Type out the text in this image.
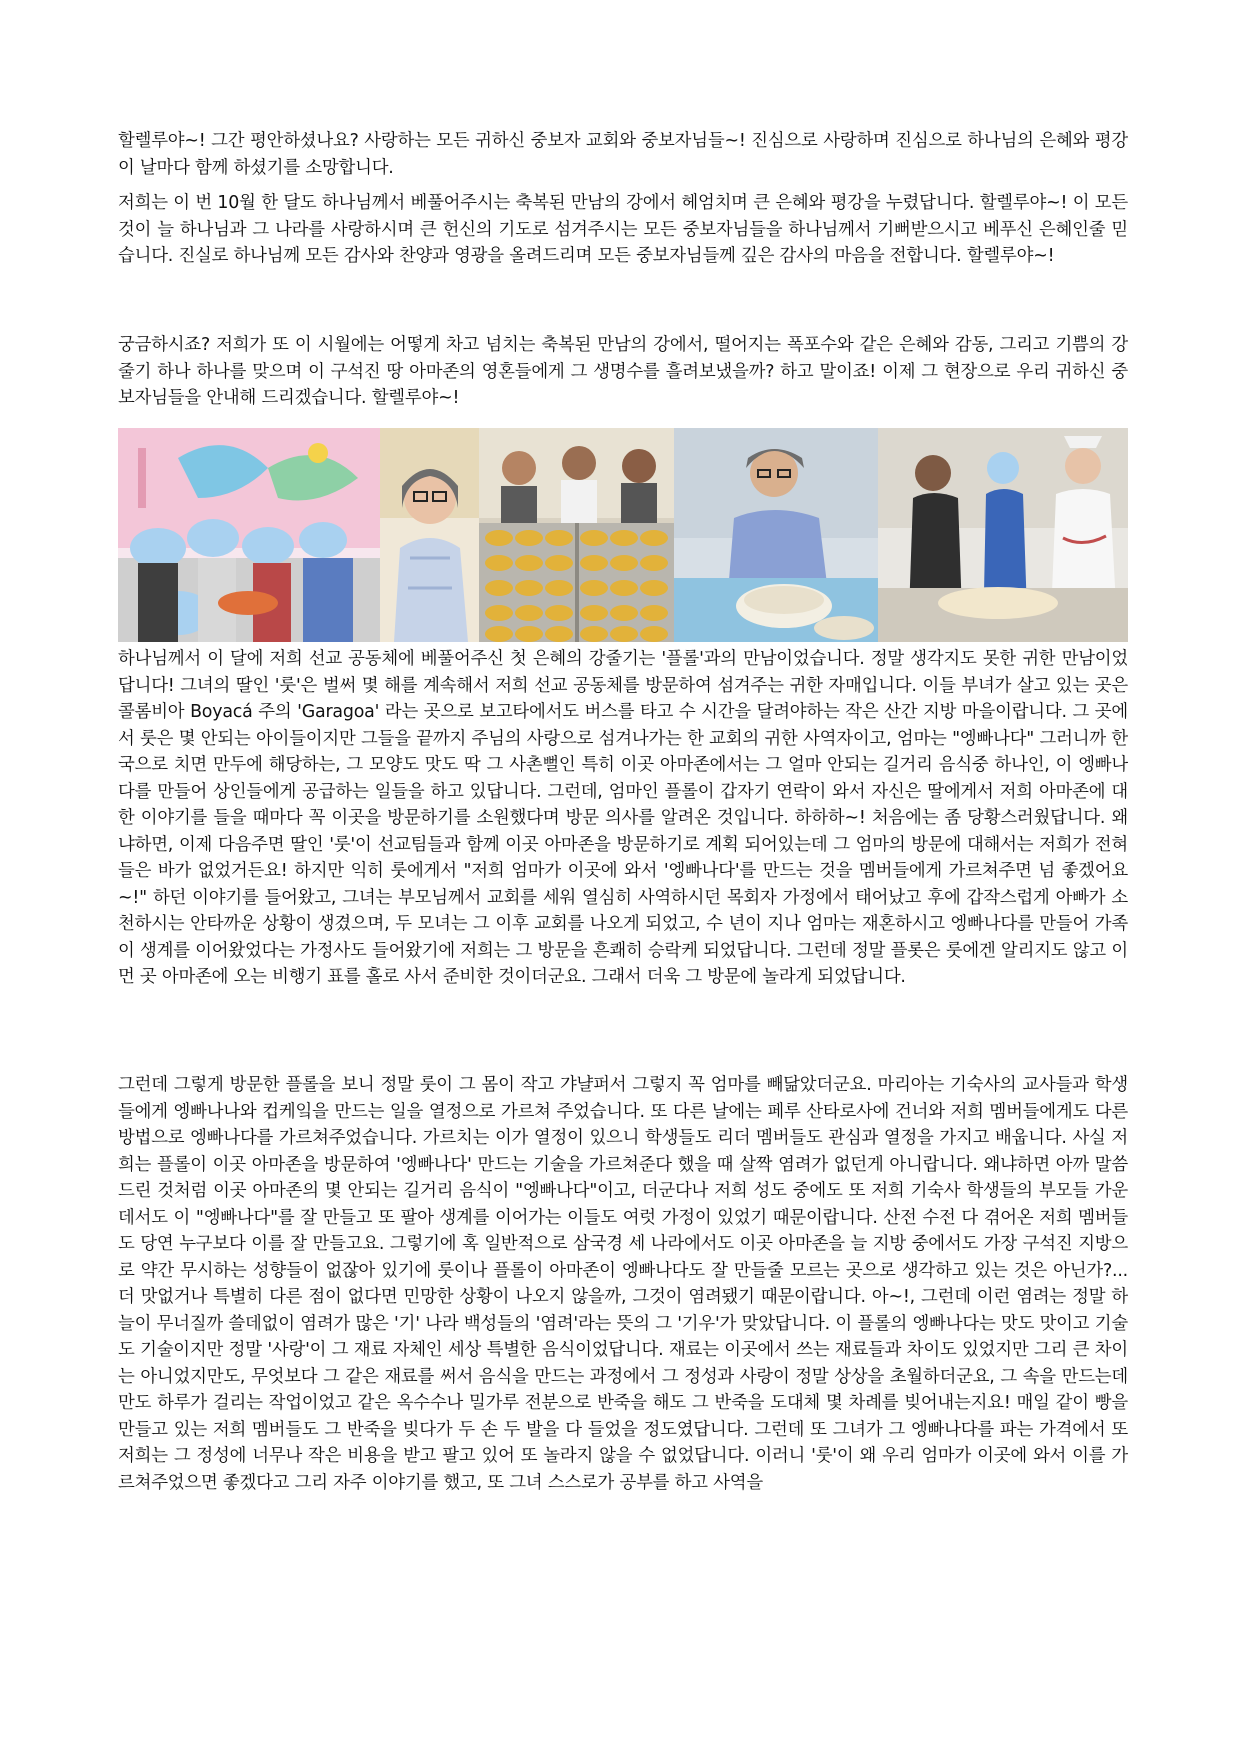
할렐루야~! 그간 평안하셨나요? 사랑하는 모든 귀하신 중보자 교회와 중보자님들~! 진심으로 사랑하며 진심으로 하나님의 은혜와 평강이 날마다 함께 하셨기를 소망합니다.

저희는 이 번 10월 한 달도 하나님께서 베풀어주시는 축복된 만남의 강에서 헤엄치며 큰 은혜와 평강을 누렸답니다. 할렐루야~! 이 모든 것이 늘 하나님과 그 나라를 사랑하시며 큰 헌신의 기도로 섬겨주시는 모든 중보자님들을 하나님께서 기뻐받으시고 베푸신 은혜인줄 믿습니다. 진실로 하나님께 모든 감사와 찬양과 영광을 올려드리며 모든 중보자님들께 깊은 감사의 마음을 전합니다. 할렐루야~!

궁금하시죠? 저희가 또 이 시월에는 어떻게 차고 넘치는 축복된 만남의 강에서, 떨어지는 폭포수와 같은 은혜와 감동, 그리고 기쁨의 강 줄기 하나 하나를 맞으며 이 구석진 땅 아마존의 영혼들에게 그 생명수를 흘려보냈을까? 하고 말이죠! 이제 그 현장으로 우리 귀하신 중보자님들을 안내해 드리겠습니다. 할렐루야~!

하나님께서 이 달에 저희 선교 공동체에 베풀어주신 첫 은혜의 강줄기는 '플롤'과의 만남이었습니다. 정말 생각지도 못한 귀한 만남이었답니다! 그녀의 딸인 '룻'은 벌써 몇 해를 계속해서 저희 선교 공동체를 방문하여 섬겨주는 귀한 자매입니다. 이들 부녀가 살고 있는 곳은 콜롬비아 Boyacá 주의 'Garagoa' 라는 곳으로 보고타에서도 버스를 타고 수 시간을 달려야하는 작은 산간 지방 마을이랍니다. 그 곳에서 룻은 몇 안되는 아이들이지만 그들을 끝까지 주님의 사랑으로 섬겨나가는 한 교회의 귀한 사역자이고, 엄마는 "엥빠나다" 그러니까 한국으로 치면 만두에 해당하는, 그 모양도 맛도 딱 그 사촌뻘인 특히 이곳 아마존에서는 그 얼마 안되는 길거리 음식중 하나인, 이 엥빠나다를 만들어 상인들에게 공급하는 일들을 하고 있답니다. 그런데, 엄마인 플롤이 갑자기 연락이 와서 자신은 딸에게서 저희 아마존에 대한 이야기를 들을 때마다 꼭 이곳을 방문하기를 소원했다며 방문 의사를 알려온 것입니다. 하하하~! 처음에는 좀 당황스러웠답니다. 왜냐하면, 이제 다음주면 딸인 '룻'이 선교팀들과 함께 이곳 아마존을 방문하기로 계획 되어있는데 그 엄마의 방문에 대해서는 저희가 전혀 들은 바가 없었거든요! 하지만 익히 룻에게서 "저희 엄마가 이곳에 와서 '엥빠나다'를 만드는 것을 멤버들에게 가르쳐주면 넘 좋겠어요~!" 하던 이야기를 들어왔고, 그녀는 부모님께서 교회를 세워 열심히 사역하시던 목회자 가정에서 태어났고 후에 갑작스럽게 아빠가 소천하시는 안타까운 상황이 생겼으며, 두 모녀는 그 이후 교회를 나오게 되었고, 수 년이 지나 엄마는 재혼하시고 엥빠나다를 만들어 가족이 생계를 이어왔었다는 가정사도 들어왔기에 저희는 그 방문을 흔쾌히 승락케 되었답니다. 그런데 정말 플롯은 룻에겐 알리지도 않고 이 먼 곳 아마존에 오는 비행기 표를 홀로 사서 준비한 것이더군요. 그래서 더욱 그 방문에 놀라게 되었답니다.

그런데 그렇게 방문한 플롤을 보니 정말 룻이 그 몸이 작고 갸냘퍼서 그렇지 꼭 엄마를 빼닮았더군요. 마리아는 기숙사의 교사들과 학생들에게 엥빠나나와 컵케잌을 만드는 일을 열정으로 가르쳐 주었습니다. 또 다른 날에는 페루 산타로사에 건너와 저희 멤버들에게도 다른 방법으로 엥빠나다를 가르쳐주었습니다. 가르치는 이가 열정이 있으니 학생들도 리더 멤버들도 관심과 열정을 가지고 배웁니다. 사실 저희는 플롤이 이곳 아마존을 방문하여 '엥빠나다' 만드는 기술을 가르쳐준다 했을 때 살짝 염려가 없던게 아니랍니다. 왜냐하면 아까 말씀 드린 것처럼 이곳 아마존의 몇 안되는 길거리 음식이 "엥빠나다"이고, 더군다나 저희 성도 중에도 또 저희 기숙사 학생들의 부모들 가운데서도 이 "엥빠나다"를 잘 만들고 또 팔아 생계를 이어가는 이들도 여럿 가정이 있었기 때문이랍니다. 산전 수전 다 겪어온 저희 멤버들도 당연 누구보다 이를 잘 만들고요. 그렇기에 혹 일반적으로 삼국경 세 나라에서도 이곳 아마존을 늘 지방 중에서도 가장 구석진 지방으로 약간 무시하는 성향들이 없잖아 있기에 룻이나 플롤이 아마존이 엥빠나다도 잘 만들줄 모르는 곳으로 생각하고 있는 것은 아닌가?... 더 맛없거나 특별히 다른 점이 없다면 민망한 상황이 나오지 않을까, 그것이 염려됐기 때문이랍니다. 아~!, 그런데 이런 염려는 정말 하늘이 무너질까 쓸데없이 염려가 많은 '기' 나라 백성들의 '염려'라는 뜻의 그 '기우'가 맞았답니다. 이 플롤의 엥빠나다는 맛도 맛이고 기술도 기술이지만 정말 '사랑'이 그 재료 자체인 세상 특별한 음식이었답니다. 재료는 이곳에서 쓰는 재료들과 차이도 있었지만 그리 큰 차이는 아니었지만도, 무엇보다 그 같은 재료를 써서 음식을 만드는 과정에서 그 정성과 사랑이 정말 상상을 초월하더군요, 그 속을 만드는데만도 하루가 걸리는 작업이었고 같은 옥수수나 밀가루 전분으로 반죽을 해도 그 반죽을 도대체 몇 차례를 빚어내는지요! 매일 같이 빵을 만들고 있는 저희 멤버들도 그 반죽을 빚다가 두 손 두 발을 다 들었을 정도였답니다. 그런데 또 그녀가 그 엥빠나다를 파는 가격에서 또 저희는 그 정성에 너무나 작은 비용을 받고 팔고 있어 또 놀라지 않을 수 없었답니다. 이러니 '룻'이 왜 우리 엄마가 이곳에 와서 이를 가르쳐주었으면 좋겠다고 그리 자주 이야기를 했고, 또 그녀 스스로가 공부를 하고 사역을
